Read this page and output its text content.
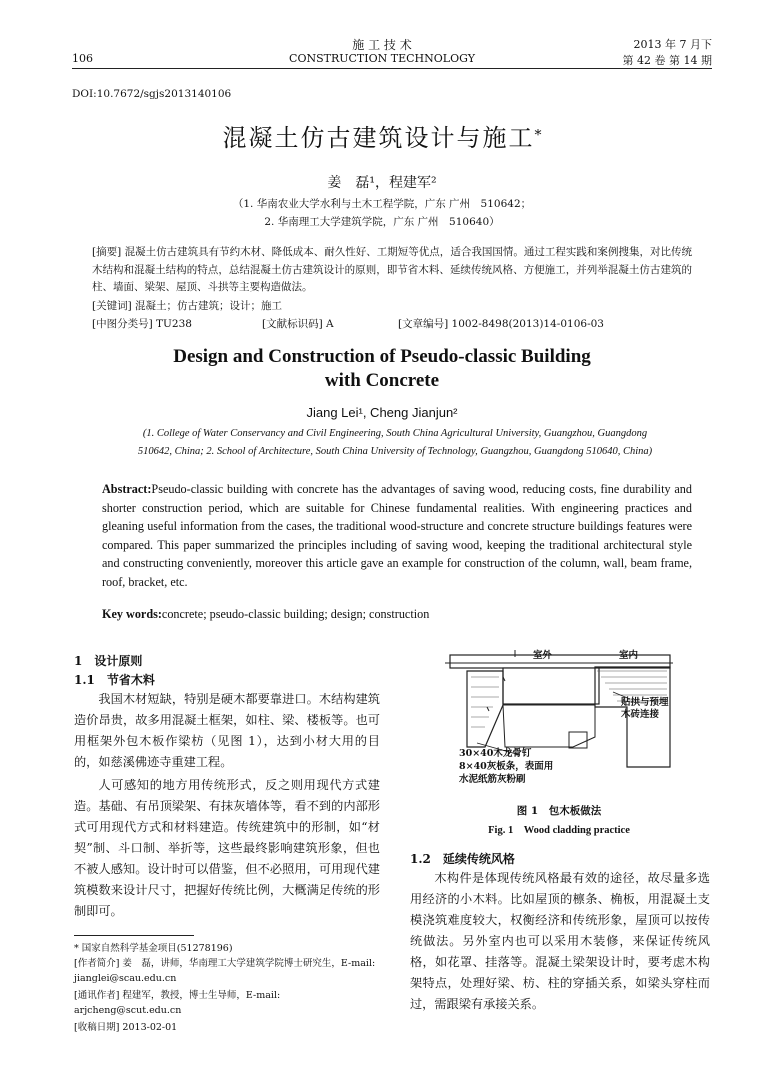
106
施 工 技 术
CONSTRUCTION TECHNOLOGY
2013 年 7 月下
第 42 卷 第 14 期
DOI:10.7672/sgjs2013140106
混凝土仿古建筑设计与施工*
姜　磊¹，程建军²
（1. 华南农业大学水利与土木工程学院，广东 广州　510642；
2. 华南理工大学建筑学院，广东 广州　510640）
[摘要] 混凝土仿古建筑具有节约木材、降低成本、耐久性好、工期短等优点，适合我国国情。通过工程实践和案例搜集，对比传统木结构和混凝土结构的特点，总结混凝土仿古建筑设计的原则，即节省木料、延续传统风格、方便施工，并列举混凝土仿古建筑的柱、墙面、梁架、屋顶、斗拱等主要构造做法。
[关键词] 混凝土；仿古建筑；设计；施工
[中图分类号] TU238	[文献标识码] A	[文章编号] 1002-8498(2013)14-0106-03
Design and Construction of Pseudo-classic Building
with Concrete
Jiang Lei¹, Cheng Jianjun²
(1. College of Water Conservancy and Civil Engineering, South China Agricultural University, Guangzhou, Guangdong
510642, China; 2. School of Architecture, South China University of Technology, Guangzhou, Guangdong 510640, China)
Abstract:Pseudo-classic building with concrete has the advantages of saving wood, reducing costs, fine durability and shorter construction period, which are suitable for Chinese fundamental realities. With engineering practices and gleaning useful information from the cases, the traditional wood-structure and concrete structure buildings features were compared. This paper summarized the principles including of saving wood, keeping the traditional architectural style and constructing conveniently, moreover this article gave an example for construction of the column, wall, beam frame, roof, bracket, etc.
Key words:concrete; pseudo-classic building; design; construction
1　设计原则
1.1　节省木料

我国木材短缺，特别是硬木都要靠进口。木结构建筑造价昂贵，故多用混凝土框架，如柱、梁、楼板等。也可用框架外包木板作梁枋（见图 1），达到小材大用的目的，如慈溪佛迹寺重建工程。

人可感知的地方用传统形式，反之则用现代方式建造。基础、有吊顶梁架、有抹灰墙体等，看不到的内部形式可用现代方式和材料建造。传统建筑中的形制，如“材契”制、斗口制、举折等，这些最终影响建筑形象，但也不被人感知。设计时可以借鉴，但不必照用，可用现代建筑模数来设计尺寸，把握好传统比例，大概满足传统的形制即可。

* 国家自然科学基金项目(51278196)
[作者简介] 姜　磊，讲师，华南理工大学建筑学院博士研究生，E-mail: jianglei@scau.edu.cn
[通讯作者] 程建军，教授，博士生导师，E-mail: arjcheng@scut.edu.cn
[收稿日期] 2013-02-01
室外	室内
贴拱与预埋木砖连接
30×40木龙骨钉
8×40灰板条，表面用
水泥纸筋灰粉刷
图 1　包木板做法
Fig. 1　Wood cladding practice
1.2　延续传统风格

木构件是体现传统风格最有效的途径，故尽量多选用经济的小木料。比如屋顶的檩条、桷板，用混凝土支模浇筑难度较大，权衡经济和传统形象，屋顶可以按传统做法。另外室内也可以采用木装修，来保证传统风格，如花罩、挂落等。混凝土梁架设计时，要考虑木构架特点，处理好梁、枋、柱的穿插关系，如梁头穿柱而过，需跟梁有承接关系。
